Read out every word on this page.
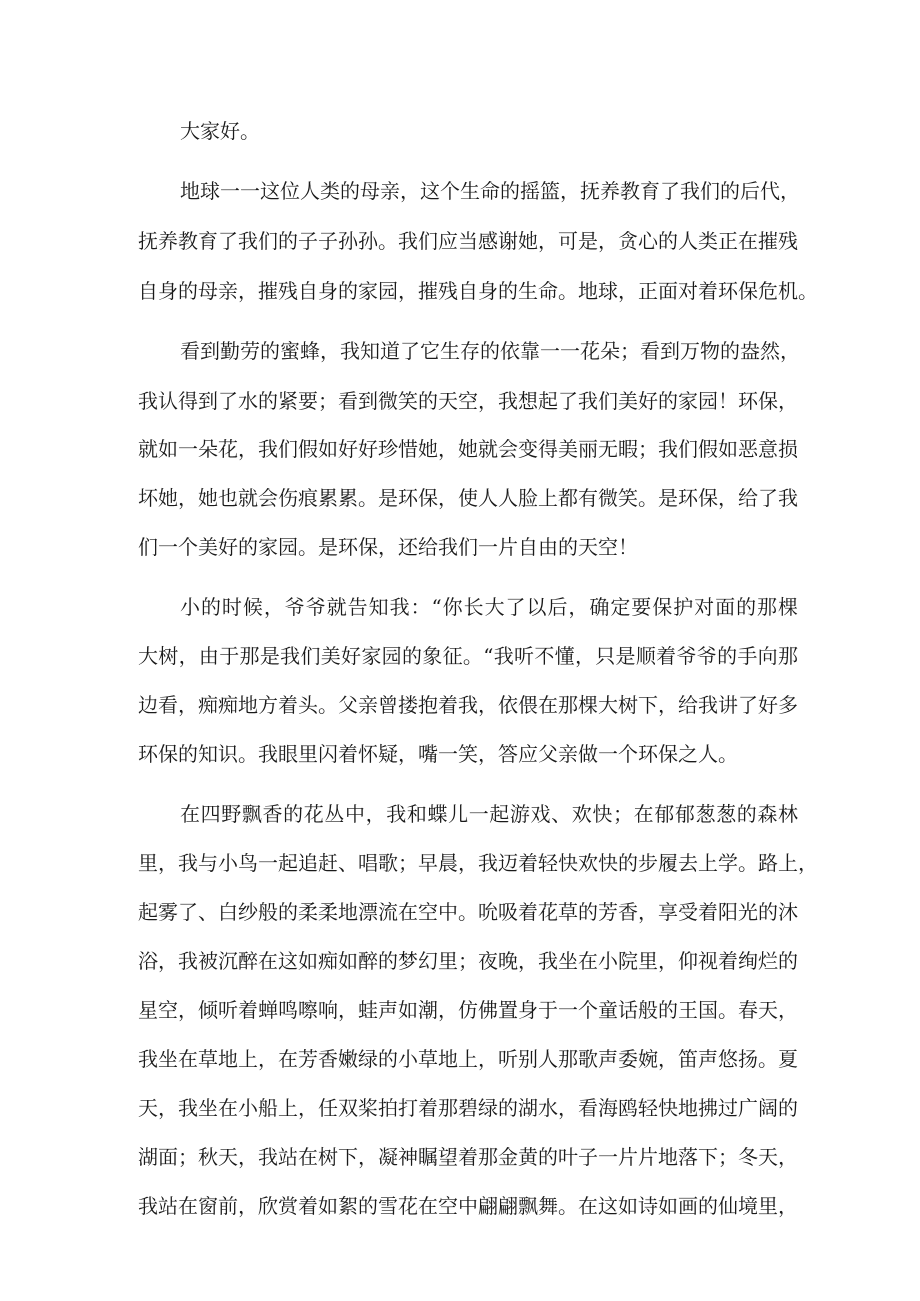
大家好。
地球一一这位人类的母亲，这个生命的摇篮，抚养教育了我们的后代，
抚养教育了我们的子子孙孙。我们应当感谢她，可是，贪心的人类正在摧残
自身的母亲，摧残自身的家园，摧残自身的生命。地球，正面对着环保危机。
看到勤劳的蜜蜂，我知道了它生存的依靠一一花朵；看到万物的盎然，
我认得到了水的紧要；看到微笑的天空，我想起了我们美好的家园！环保，
就如一朵花，我们假如好好珍惜她，她就会变得美丽无暇；我们假如恶意损
坏她，她也就会伤痕累累。是环保，使人人脸上都有微笑。是环保，给了我
们一个美好的家园。是环保，还给我们一片自由的天空！
小的时候，爷爷就告知我：“你长大了以后，确定要保护对面的那棵
大树，由于那是我们美好家园的象征。“我听不懂，只是顺着爷爷的手向那
边看，痴痴地方着头。父亲曾搂抱着我，依偎在那棵大树下，给我讲了好多
环保的知识。我眼里闪着怀疑，嘴一笑，答应父亲做一个环保之人。
在四野飘香的花丛中，我和蝶儿一起游戏、欢快；在郁郁葱葱的森林
里，我与小鸟一起追赶、唱歌；早晨，我迈着轻快欢快的步履去上学。路上，
起雾了、白纱般的柔柔地漂流在空中。吮吸着花草的芳香，享受着阳光的沐
浴，我被沉醉在这如痴如醉的梦幻里；夜晚，我坐在小院里，仰视着绚烂的
星空，倾听着蝉鸣嚓响，蛙声如潮，仿佛置身于一个童话般的王国。春天，
我坐在草地上，在芳香嫩绿的小草地上，听别人那歌声委婉，笛声悠扬。夏
天，我坐在小船上，任双桨拍打着那碧绿的湖水，看海鸥轻快地拂过广阔的
湖面；秋天，我站在树下，凝神瞩望着那金黄的叶子一片片地落下；冬天，
我站在窗前，欣赏着如絮的雪花在空中翩翩飘舞。在这如诗如画的仙境里，
